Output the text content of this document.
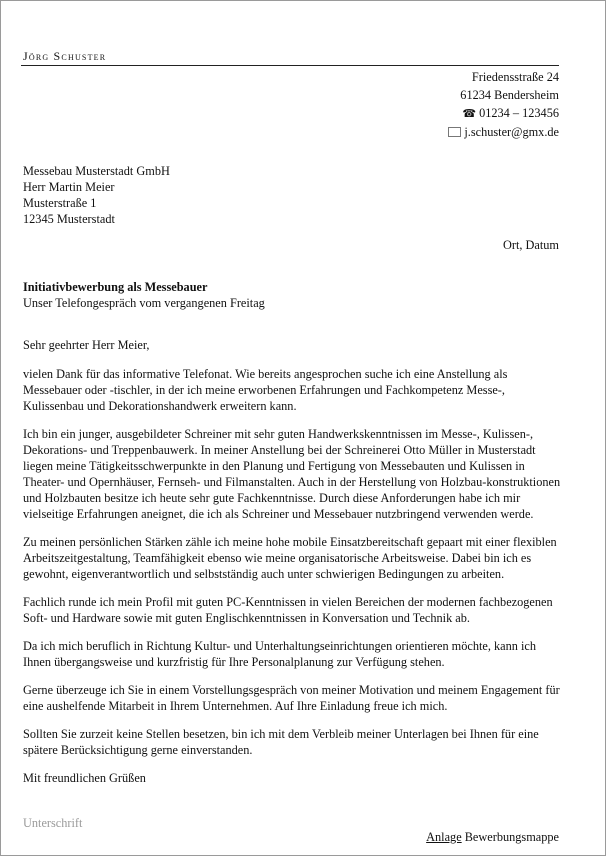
Jörg Schuster
Friedensstraße 24
61234 Bendersheim
☎ 01234 – 123456
j.schuster@gmx.de
Messebau Musterstadt GmbH
Herr Martin Meier
Musterstraße 1
12345 Musterstadt
Ort, Datum
Initiativbewerbung als Messebauer
Unser Telefongespräch vom vergangenen Freitag

Sehr geehrter Herr Meier,

vielen Dank für das informative Telefonat. Wie bereits angesprochen suche ich eine Anstellung als Messebauer oder -tischler, in der ich meine erworbenen Erfahrungen und Fachkompetenz Messe-, Kulissenbau und Dekorationshandwerk erweitern kann.

Ich bin ein junger, ausgebildeter Schreiner mit sehr guten Handwerkskenntnissen im Messe-, Kulissen-, Dekorations- und Treppenbauwerk. In meiner Anstellung bei der Schreinerei Otto Müller in Musterstadt liegen meine Tätigkeitsschwerpunkte in den Planung und Fertigung von Messebauten und Kulissen in Theater- und Opernhäuser, Fernseh- und Filmanstalten. Auch in der Herstellung von Holzbau-konstruktionen und Holzbauten besitze ich heute sehr gute Fachkenntnisse. Durch diese Anforderungen habe ich mir vielseitige Erfahrungen aneignet, die ich als Schreiner und Messebauer nutzbringend verwenden werde.

Zu meinen persönlichen Stärken zähle ich meine hohe mobile Einsatzbereitschaft gepaart mit einer flexiblen Arbeitszeitgestaltung, Teamfähigkeit ebenso wie meine organisatorische Arbeitsweise. Dabei bin ich es gewohnt, eigenverantwortlich und selbstständig auch unter schwierigen Bedingungen zu arbeiten.

Fachlich runde ich mein Profil mit guten PC-Kenntnissen in vielen Bereichen der modernen fachbezogenen Soft- und Hardware sowie mit guten Englischkenntnissen in Konversation und Technik ab.

Da ich mich beruflich in Richtung Kultur- und Unterhaltungseinrichtungen orientieren möchte, kann ich Ihnen übergangsweise und kurzfristig für Ihre Personalplanung zur Verfügung stehen.

Gerne überzeuge ich Sie in einem Vorstellungsgespräch von meiner Motivation und meinem Engagement für eine aushelfende Mitarbeit in Ihrem Unternehmen. Auf Ihre Einladung freue ich mich.

Sollten Sie zurzeit keine Stellen besetzen, bin ich mit dem Verbleib meiner Unterlagen bei Ihnen für eine spätere Berücksichtigung gerne einverstanden.

Mit freundlichen Grüßen
Unterschrift
Anlage Bewerbungsmappe
